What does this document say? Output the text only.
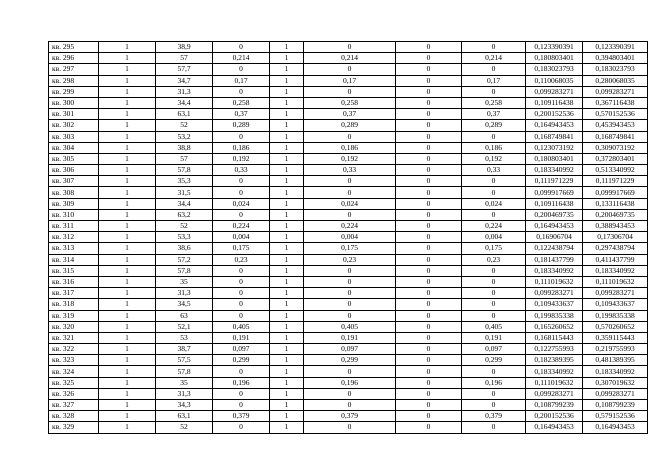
кв. 295	1	38,9	0	1	0	0	0	0,123390391	0,123390391
кв. 296	1	57	0,214	1	0,214	0	0,214	0,180803401	0,394803401
кв. 297	1	57,7	0	1	0	0	0	0,183023793	0,183023793
кв. 298	1	34,7	0,17	1	0,17	0	0,17	0,110068035	0,280068035
кв. 299	1	31,3	0	1	0	0	0	0,099283271	0,099283271
кв. 300	1	34,4	0,258	1	0,258	0	0,258	0,109116438	0,367116438
кв. 301	1	63,1	0,37	1	0,37	0	0,37	0,200152536	0,570152536
кв. 302	1	52	0,289	1	0,289	0	0,289	0,164943453	0,453943453
кв. 303	1	53,2	0	1	0	0	0	0,168749841	0,168749841
кв. 304	1	38,8	0,186	1	0,186	0	0,186	0,123073192	0,309073192
кв. 305	1	57	0,192	1	0,192	0	0,192	0,180803401	0,372803401
кв. 306	1	57,8	0,33	1	0,33	0	0,33	0,183340992	0,513340992
кв. 307	1	35,3	0	1	0	0	0	0,111971229	0,111971229
кв. 308	1	31,5	0	1	0	0	0	0,099917669	0,099917669
кв. 309	1	34,4	0,024	1	0,024	0	0,024	0,109116438	0,133116438
кв. 310	1	63,2	0	1	0	0	0	0,200469735	0,200469735
кв. 311	1	52	0,224	1	0,224	0	0,224	0,164943453	0,388943453
кв. 312	1	53,3	0,004	1	0,004	0	0,004	0,16906704	0,17306704
кв. 313	1	38,6	0,175	1	0,175	0	0,175	0,122438794	0,297438794
кв. 314	1	57,2	0,23	1	0,23	0	0,23	0,181437799	0,411437799
кв. 315	1	57,8	0	1	0	0	0	0,183340992	0,183340992
кв. 316	1	35	0	1	0	0	0	0,111019632	0,111019632
кв. 317	1	31,3	0	1	0	0	0	0,099283271	0,099283271
кв. 318	1	34,5	0	1	0	0	0	0,109433637	0,109433637
кв. 319	1	63	0	1	0	0	0	0,199835338	0,199835338
кв. 320	1	52,1	0,405	1	0,405	0	0,405	0,165260652	0,570260652
кв. 321	1	53	0,191	1	0,191	0	0,191	0,168115443	0,359115443
кв. 322	1	38,7	0,097	1	0,097	0	0,097	0,122755993	0,219755993
кв. 323	1	57,5	0,299	1	0,299	0	0,299	0,182389395	0,481389395
кв. 324	1	57,8	0	1	0	0	0	0,183340992	0,183340992
кв. 325	1	35	0,196	1	0,196	0	0,196	0,111019632	0,307019632
кв. 326	1	31,3	0	1	0	0	0	0,099283271	0,099283271
кв. 327	1	34,3	0	1	0	0	0	0,108799239	0,108799239
кв. 328	1	63,1	0,379	1	0,379	0	0,379	0,200152536	0,579152536
кв. 329	1	52	0	1	0	0	0	0,164943453	0,164943453
